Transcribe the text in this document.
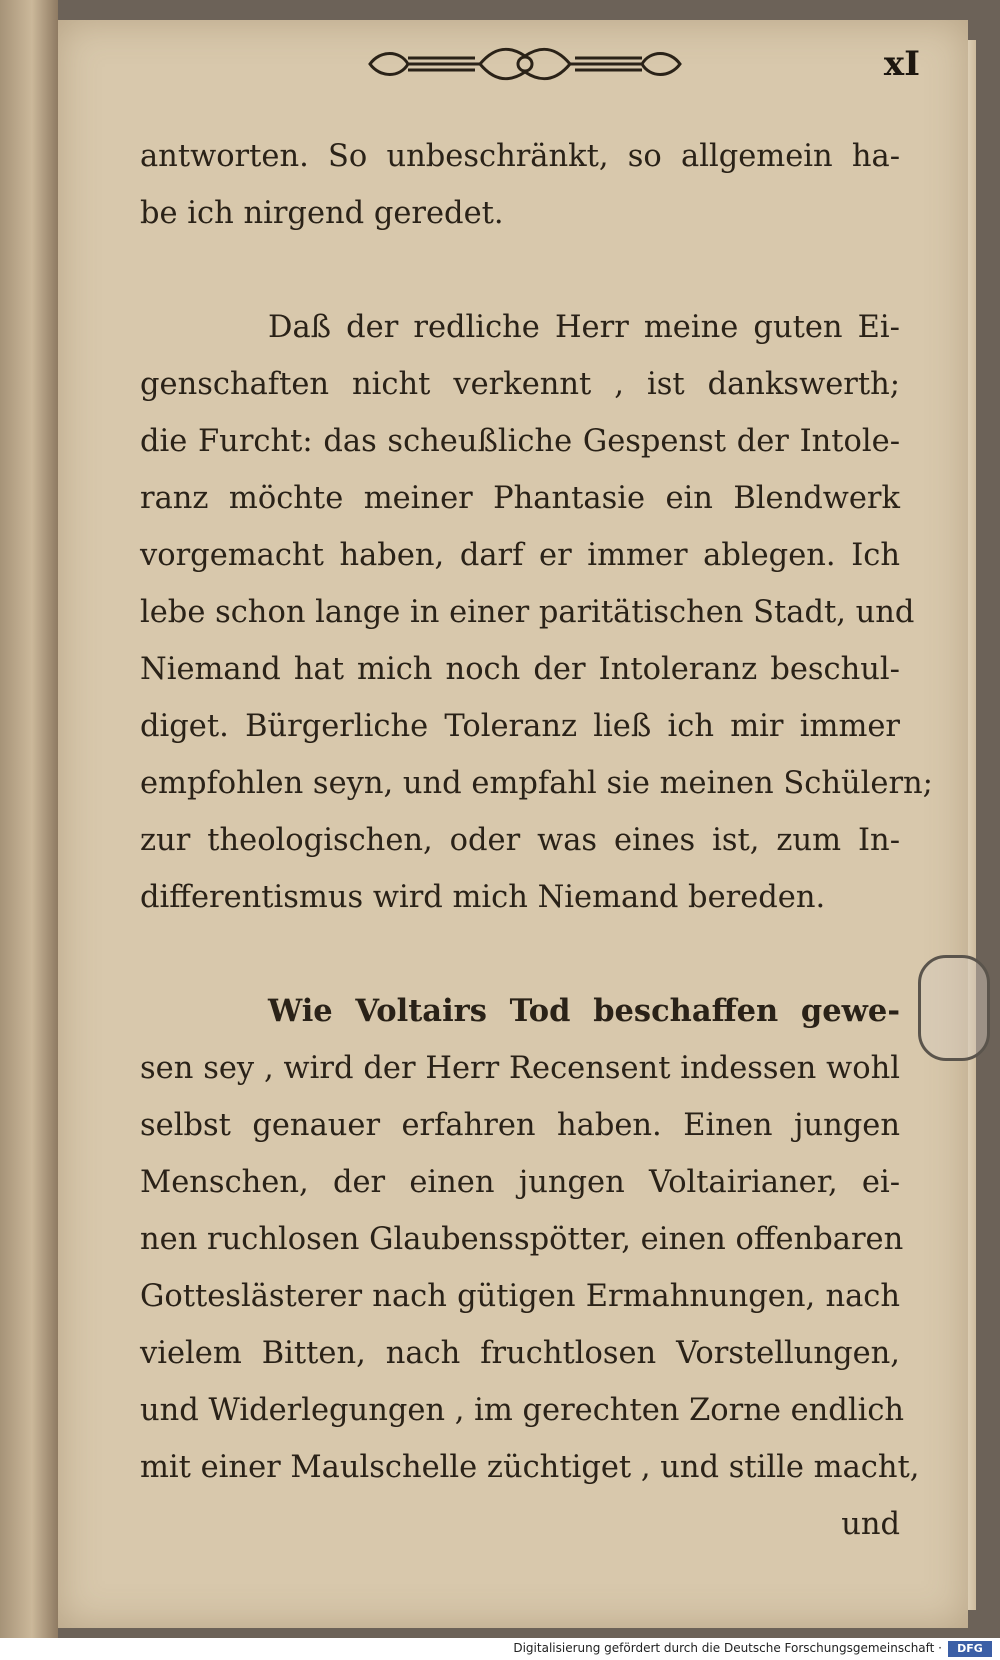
xI
antworten. So unbeschränkt, so allgemein ha-
be ich nirgend geredet.
Daß der redliche Herr meine guten Ei-
genschaften nicht verkennt , ist dankswerth;
die Furcht: das scheußliche Gespenst der Intole-
ranz möchte meiner Phantasie ein Blendwerk
vorgemacht haben, darf er immer ablegen. Ich
lebe schon lange in einer paritätischen Stadt, und
Niemand hat mich noch der Intoleranz beschul-
diget. Bürgerliche Toleranz ließ ich mir immer
empfohlen seyn, und empfahl sie meinen Schülern;
zur theologischen, oder was eines ist, zum In-
differentismus wird mich Niemand bereden.
Wie Voltairs Tod beschaffen gewe-
sen sey , wird der Herr Recensent indessen wohl
selbst genauer erfahren haben. Einen jungen
Menschen, der einen jungen Voltairianer, ei-
nen ruchlosen Glaubensspötter, einen offenbaren
Gotteslästerer nach gütigen Ermahnungen, nach
vielem Bitten, nach fruchtlosen Vorstellungen,
und Widerlegungen , im gerechten Zorne endlich
mit einer Maulschelle züchtiget , und stille macht,
und
Digitalisierung gefördert durch die Deutsche Forschungsgemeinschaft ·	DFG
